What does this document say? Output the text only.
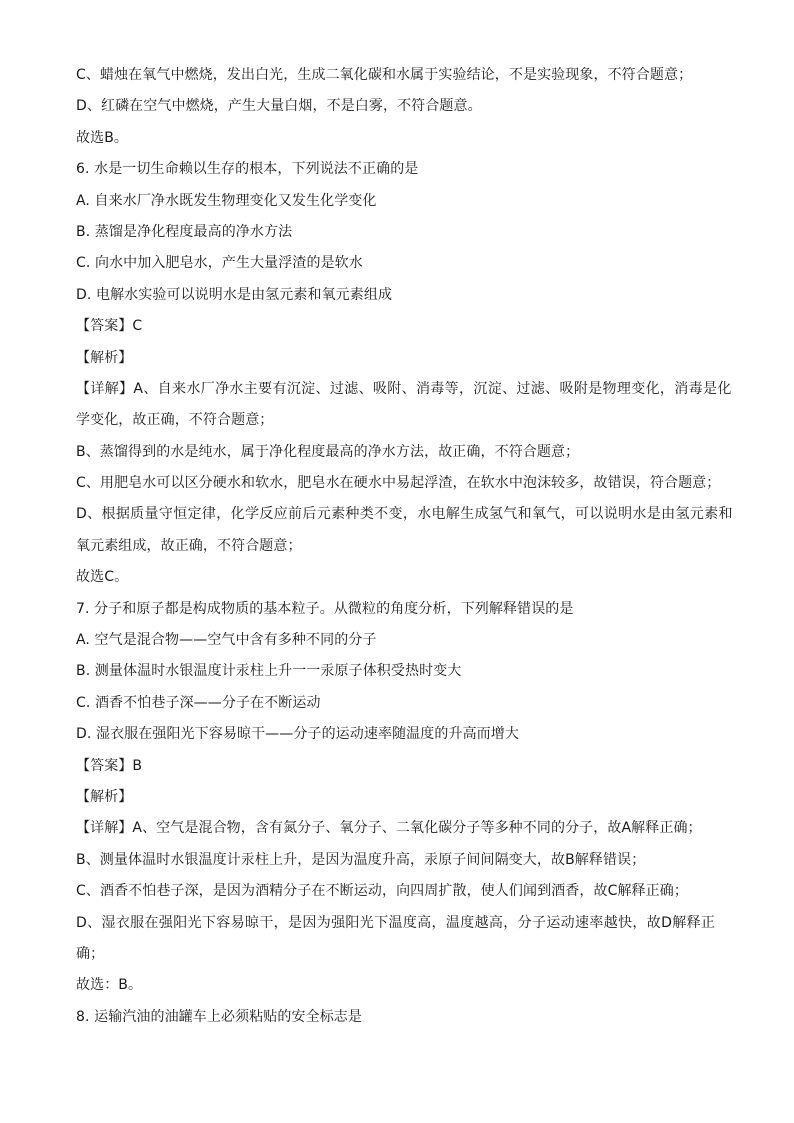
C、蜡烛在氧气中燃烧，发出白光，生成二氧化碳和水属于实验结论，不是实验现象，不符合题意；
D、红磷在空气中燃烧，产生大量白烟，不是白雾，不符合题意。
故选B。
6. 水是一切生命赖以生存的根本，下列说法不正确的是
A. 自来水厂净水既发生物理变化又发生化学变化
B. 蒸馏是净化程度最高的净水方法
C. 向水中加入肥皂水，产生大量浮渣的是软水
D. 电解水实验可以说明水是由氢元素和氧元素组成
【答案】C
【解析】
【详解】A、自来水厂净水主要有沉淀、过滤、吸附、消毒等，沉淀、过滤、吸附是物理变化，消毒是化
学变化，故正确，不符合题意；
B、蒸馏得到的水是纯水，属于净化程度最高的净水方法，故正确，不符合题意；
C、用肥皂水可以区分硬水和软水，肥皂水在硬水中易起浮渣，在软水中泡沫较多，故错误，符合题意；
D、根据质量守恒定律，化学反应前后元素种类不变，水电解生成氢气和氧气，可以说明水是由氢元素和
氧元素组成，故正确，不符合题意；
故选C。
7. 分子和原子都是构成物质的基本粒子。从微粒的角度分析，下列解释错误的是
A. 空气是混合物——空气中含有多种不同的分子
B. 测量体温时水银温度计汞柱上升一一汞原子体积受热时变大
C. 酒香不怕巷子深——分子在不断运动
D. 湿衣服在强阳光下容易晾干——分子的运动速率随温度的升高而增大
【答案】B
【解析】
【详解】A、空气是混合物，含有氮分子、氧分子、二氧化碳分子等多种不同的分子，故A解释正确；
B、测量体温时水银温度计汞柱上升，是因为温度升高，汞原子间间隔变大，故B解释错误；
C、酒香不怕巷子深，是因为酒精分子在不断运动，向四周扩散，使人们闻到酒香，故C解释正确；
D、湿衣服在强阳光下容易晾干，是因为强阳光下温度高，温度越高，分子运动速率越快，故D解释正
确；
故选：B。
8. 运输汽油的油罐车上必须粘贴的安全标志是
